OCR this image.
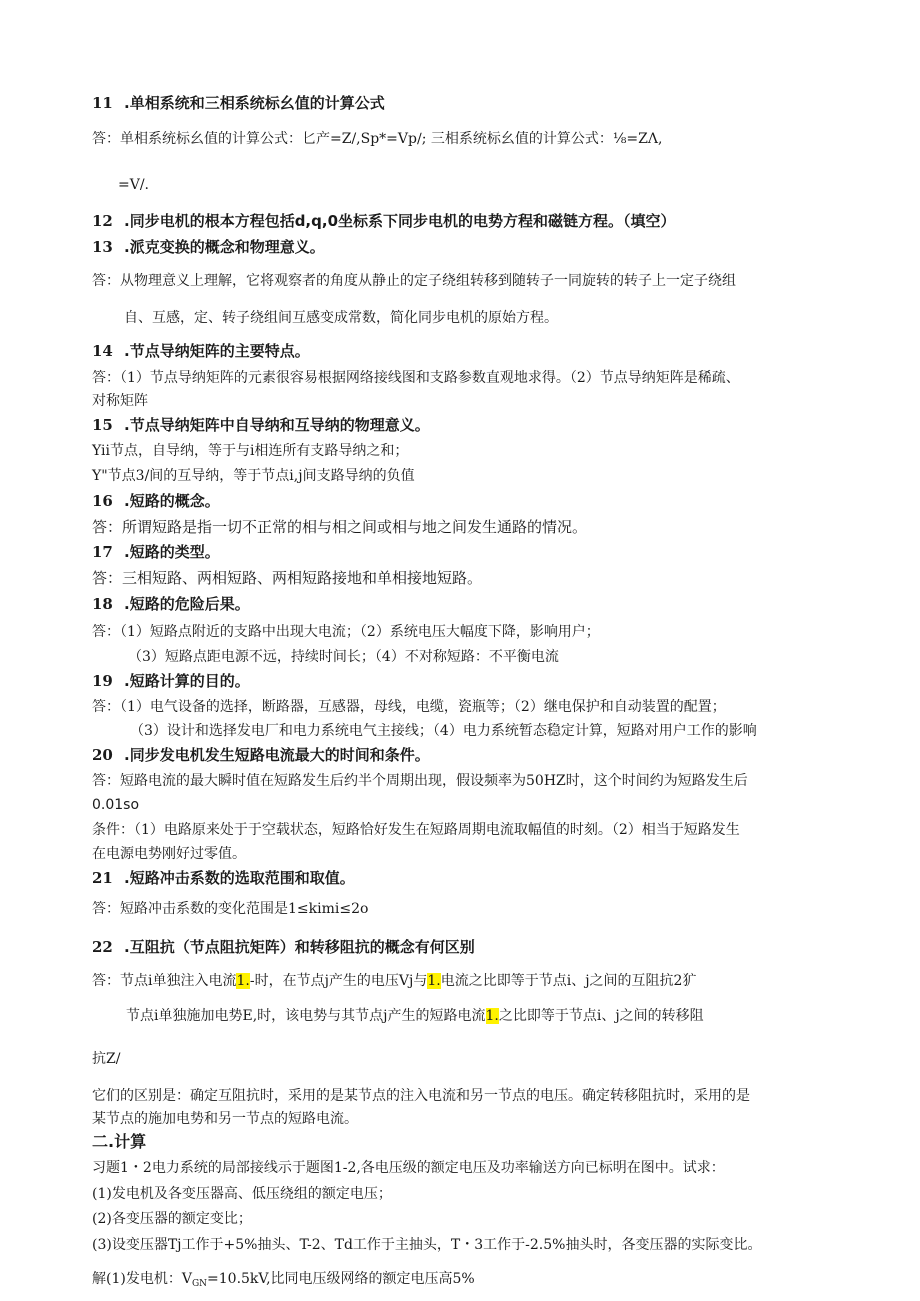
11 .单相系统和三相系统标幺值的计算公式
答：单相系统标幺值的计算公式：匕产=Z/,Sp*=Vp∕; 三相系统标幺值的计算公式：⅛=ZΛ,
=V/.
12 .同步电机的根本方程包括d,q,0坐标系下同步电机的电势方程和磁链方程。（填空）
13 .派克变换的概念和物理意义。
答：从物理意义上理解，它将观察者的角度从静止的定子绕组转移到随转子一同旋转的转子上一定子绕组
自、互感，定、转子绕组间互感变成常数，简化同步电机的原始方程。
14 .节点导纳矩阵的主要特点。
答：（1）节点导纳矩阵的元素很容易根据网络接线图和支路参数直观地求得。（2）节点导纳矩阵是稀疏、
对称矩阵
15 .节点导纳矩阵中自导纳和互导纳的物理意义。
Yii节点，自导纳，等于与i相连所有支路导纳之和；
Y"节点3/间的互导纳，等于节点i,j间支路导纳的负值
16 .短路的概念。
答：所谓短路是指一切不正常的相与相之间或相与地之间发生通路的情况。
17 .短路的类型。
答：三相短路、两相短路、两相短路接地和单相接地短路。
18 .短路的危险后果。
答：（1）短路点附近的支路中出现大电流；（2）系统电压大幅度下降，影响用户；
（3）短路点距电源不远，持续时间长；（4）不对称短路：不平衡电流
19 .短路计算的目的。
答：（1）电气设备的选择，断路器，互感器，母线，电缆，瓷瓶等；（2）继电保护和自动装置的配置；
（3）设计和选择发电厂和电力系统电气主接线；（4）电力系统暂态稳定计算，短路对用户工作的影响
20 .同步发电机发生短路电流最大的时间和条件。
答：短路电流的最大瞬时值在短路发生后约半个周期出现，假设频率为50HZ时，这个时间约为短路发生后
0.01so
条件：（1）电路原来处于于空载状态，短路恰好发生在短路周期电流取幅值的时刻。（2）相当于短路发生
在电源电势刚好过零值。
21 .短路冲击系数的选取范围和取值。
答：短路冲击系数的变化范围是1≤kimi≤2o
22 .互阻抗（节点阻抗矩阵）和转移阻抗的概念有何区别
答：节点i单独注入电流1.-时，在节点j产生的电压Vj与1.电流之比即等于节点i、j之间的互阻抗2犷
节点i单独施加电势E,时，该电势与其节点j产生的短路电流1.之比即等于节点i、j之间的转移阻
抗Z/
它们的区别是：确定互阻抗时，采用的是某节点的注入电流和另一节点的电压。确定转移阻抗时，采用的是
某节点的施加电势和另一节点的短路电流。
二.计算
习题1・2电力系统的局部接线示于题图1-2,各电压级的额定电压及功率输送方向已标明在图中。试求：
(1)发电机及各变压器高、低压绕组的额定电压；
(2)各变压器的额定变比；
(3)设变压器Tj工作于+5%抽头、T-2、Td工作于主抽头，T・3工作于-2.5%抽头时，各变压器的实际变比。
解(1)发电机：$V_{GN}=10.5kV$,比同电压级网络的额定电压高5%
